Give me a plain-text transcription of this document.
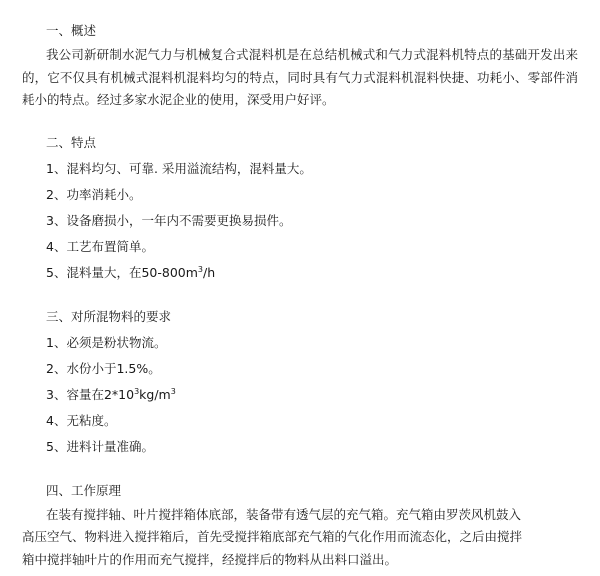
一、概述

我公司新研制水泥气力与机械复合式混料机是在总结机械式和气力式混料机特点的基础开发出来的，它不仅具有机械式混料机混料均匀的特点，同时具有气力式混料机混料快捷、功耗小、零部件消耗小的特点。经过多家水泥企业的使用，深受用户好评。

二、特点

1、混料均匀、可靠. 采用溢流结构，混料量大。

2、功率消耗小。

3、设备磨损小，一年内不需要更换易损件。

4、工艺布置简单。

5、混料量大，在$50-800m^3/h$

三、对所混物料的要求

1、必须是粉状物流。

2、水份小于1.5%。

3、容量在$2*10^3kg/m^3$

4、无粘度。

5、进料计量准确。

四、工作原理

在装有搅拌轴、叶片搅拌箱体底部，装备带有透气层的充气箱。充气箱由罗茨风机鼓入

高压空气、物料进入搅拌箱后，首先受搅拌箱底部充气箱的气化作用而流态化，之后由搅拌

箱中搅拌轴叶片的作用而充气搅拌，经搅拌后的物料从出料口溢出。
